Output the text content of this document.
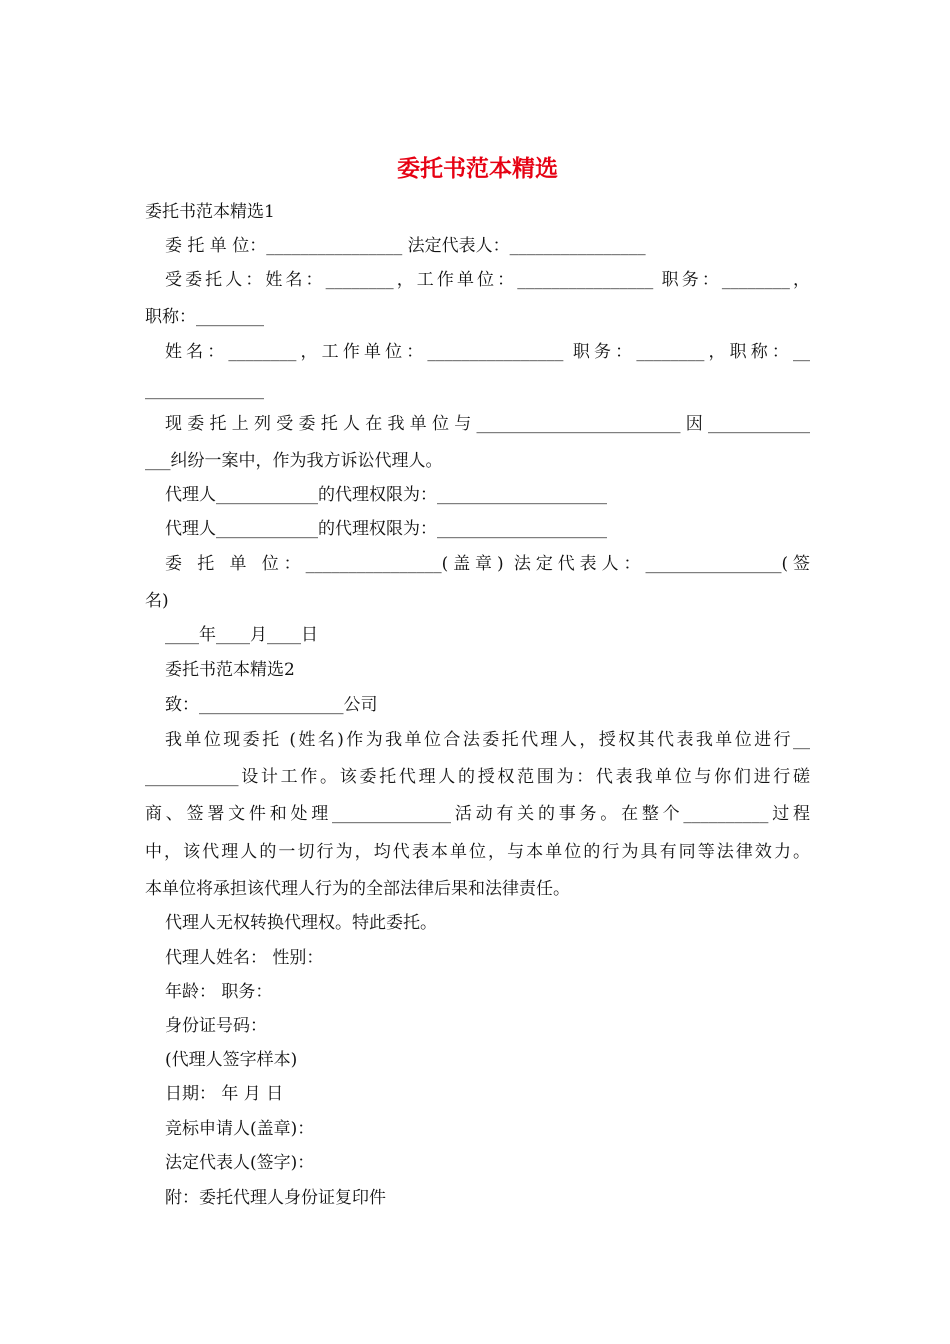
委托书范本精选
委托书范本精选1
委 托 单 位：________________ 法定代表人：________________
受委托人：姓名：________，工作单位：________________ 职务：________，
职称：________
姓名：________，工作单位：________________ 职务：________，职称：__
______________
现委托上列受委托人在我单位与________________________因____________
___纠纷一案中，作为我方诉讼代理人。
代理人____________的代理权限为：____________________
代理人____________的代理权限为：____________________
委 托 单 位：________________(盖章) 法定代表人：________________(签
名)
____年____月____日
委托书范本精选2
致：_________________公司
我单位现委托 (姓名)作为我单位合法委托代理人，授权其代表我单位进行__
___________设计工作。该委托代理人的授权范围为：代表我单位与你们进行磋
商、签署文件和处理______________活动有关的事务。在整个__________过程
中，该代理人的一切行为，均代表本单位，与本单位的行为具有同等法律效力。
本单位将承担该代理人行为的全部法律后果和法律责任。
代理人无权转换代理权。特此委托。
代理人姓名： 性别：
年龄： 职务：
身份证号码：
(代理人签字样本)
日期： 年 月 日
竞标申请人(盖章)：
法定代表人(签字)：
附：委托代理人身份证复印件
